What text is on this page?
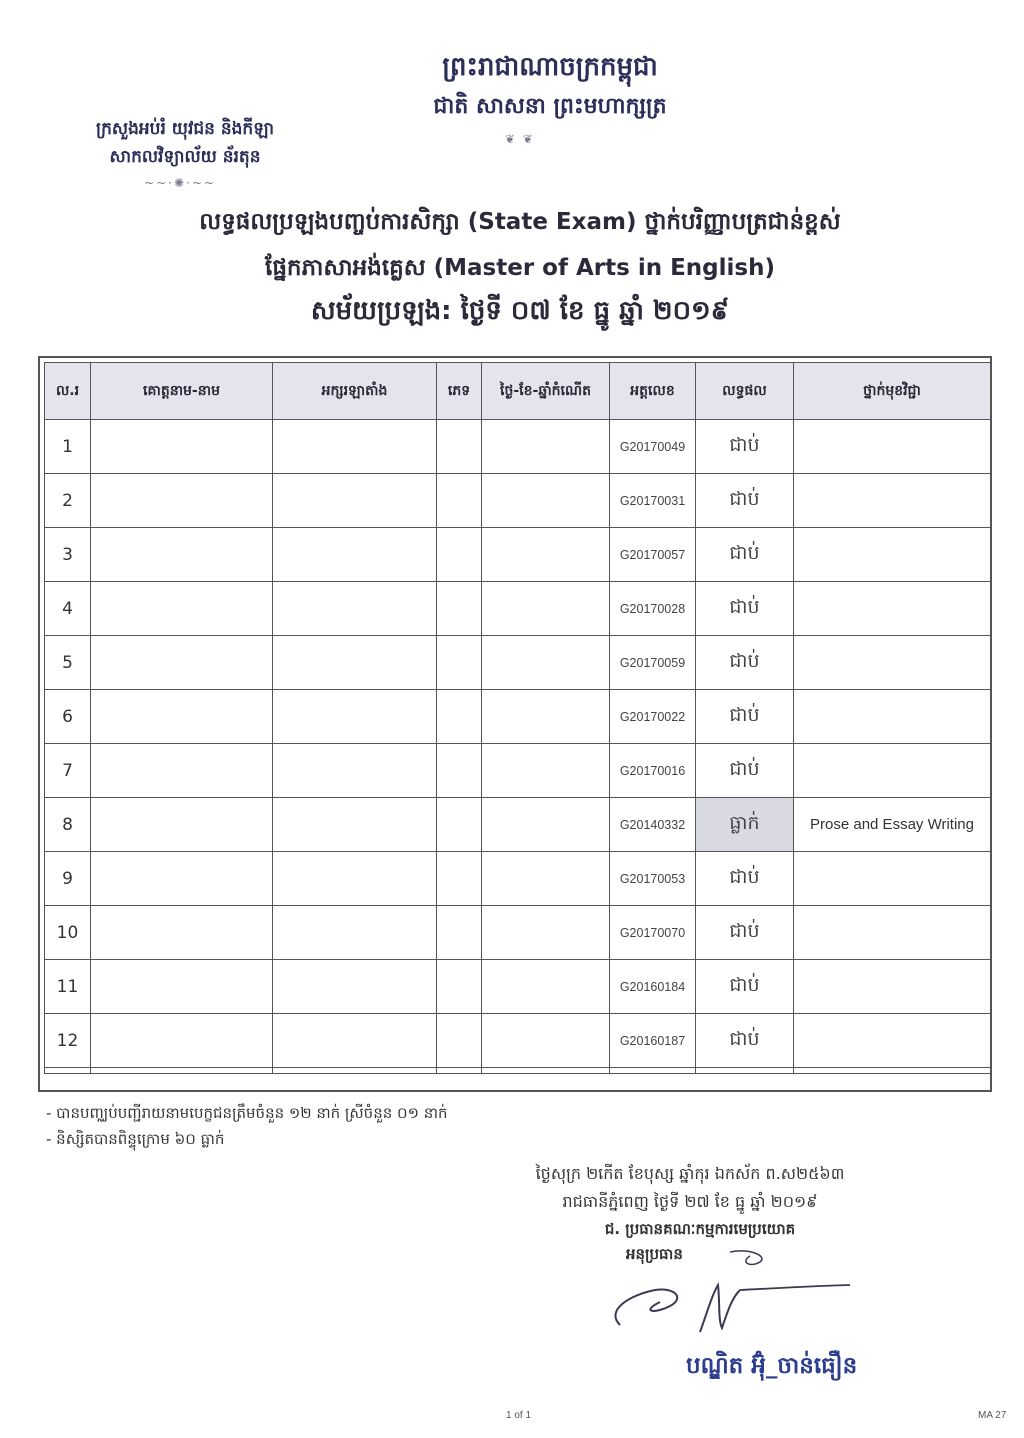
ព្រះរាជាណាចក្រកម្ពុជា
ជាតិ សាសនា ព្រះមហាក្សត្រ
❦ ❦
ក្រសួងអប់រំ យុវជន និងកីឡា
សាកលវិទ្យាល័យ ន័រតុន
~~·✺·~~
លទ្ធផលប្រឡងបញ្ចប់ការសិក្សា (State Exam) ថ្នាក់បរិញ្ញាបត្រជាន់ខ្ពស់
ផ្នែកភាសាអង់គ្លេស (Master of Arts in English)
សម័យប្រឡង: ថ្ងៃទី ០៧ ខែ ធ្នូ ឆ្នាំ ២០១៩
ល.រ	គោត្តនាម-នាម	អក្សរឡាតាំង	ភេទ	ថ្ងៃ-ខែ-ឆ្នាំកំណើត	អត្តលេខ	លទ្ធផល	ថ្នាក់មុខវិជ្ជា
1					G20170049	ជាប់	
2					G20170031	ជាប់	
3					G20170057	ជាប់	
4					G20170028	ជាប់	
5					G20170059	ជាប់	
6					G20170022	ជាប់	
7					G20170016	ជាប់	
8					G20140332	ធ្លាក់	Prose and Essay Writing
9					G20170053	ជាប់	
10					G20170070	ជាប់	
11					G20160184	ជាប់	
12					G20160187	ជាប់	

- បានបញ្ឈប់បញ្ជីរាយនាមបេក្ខជនត្រឹមចំនួន ១២ នាក់ ស្រីចំនួន ០១ នាក់
- និស្សិតបានពិន្ទុក្រោម ៦០ ធ្លាក់
ថ្ងៃសុក្រ ២កើត ខែបុស្ស ឆ្នាំកុរ ឯកស័ក ព.ស២៥៦៣
រាជធានីភ្នំពេញ ថ្ងៃទី ២៧ ខែ ធ្នូ ឆ្នាំ ២០១៩
ជ. ប្រធានគណៈកម្មការមេប្រយោគ
អនុប្រធាន
បណ្ឌិត អ៊ុំ_ចាន់ធឿន
1 of 1	MA 27
